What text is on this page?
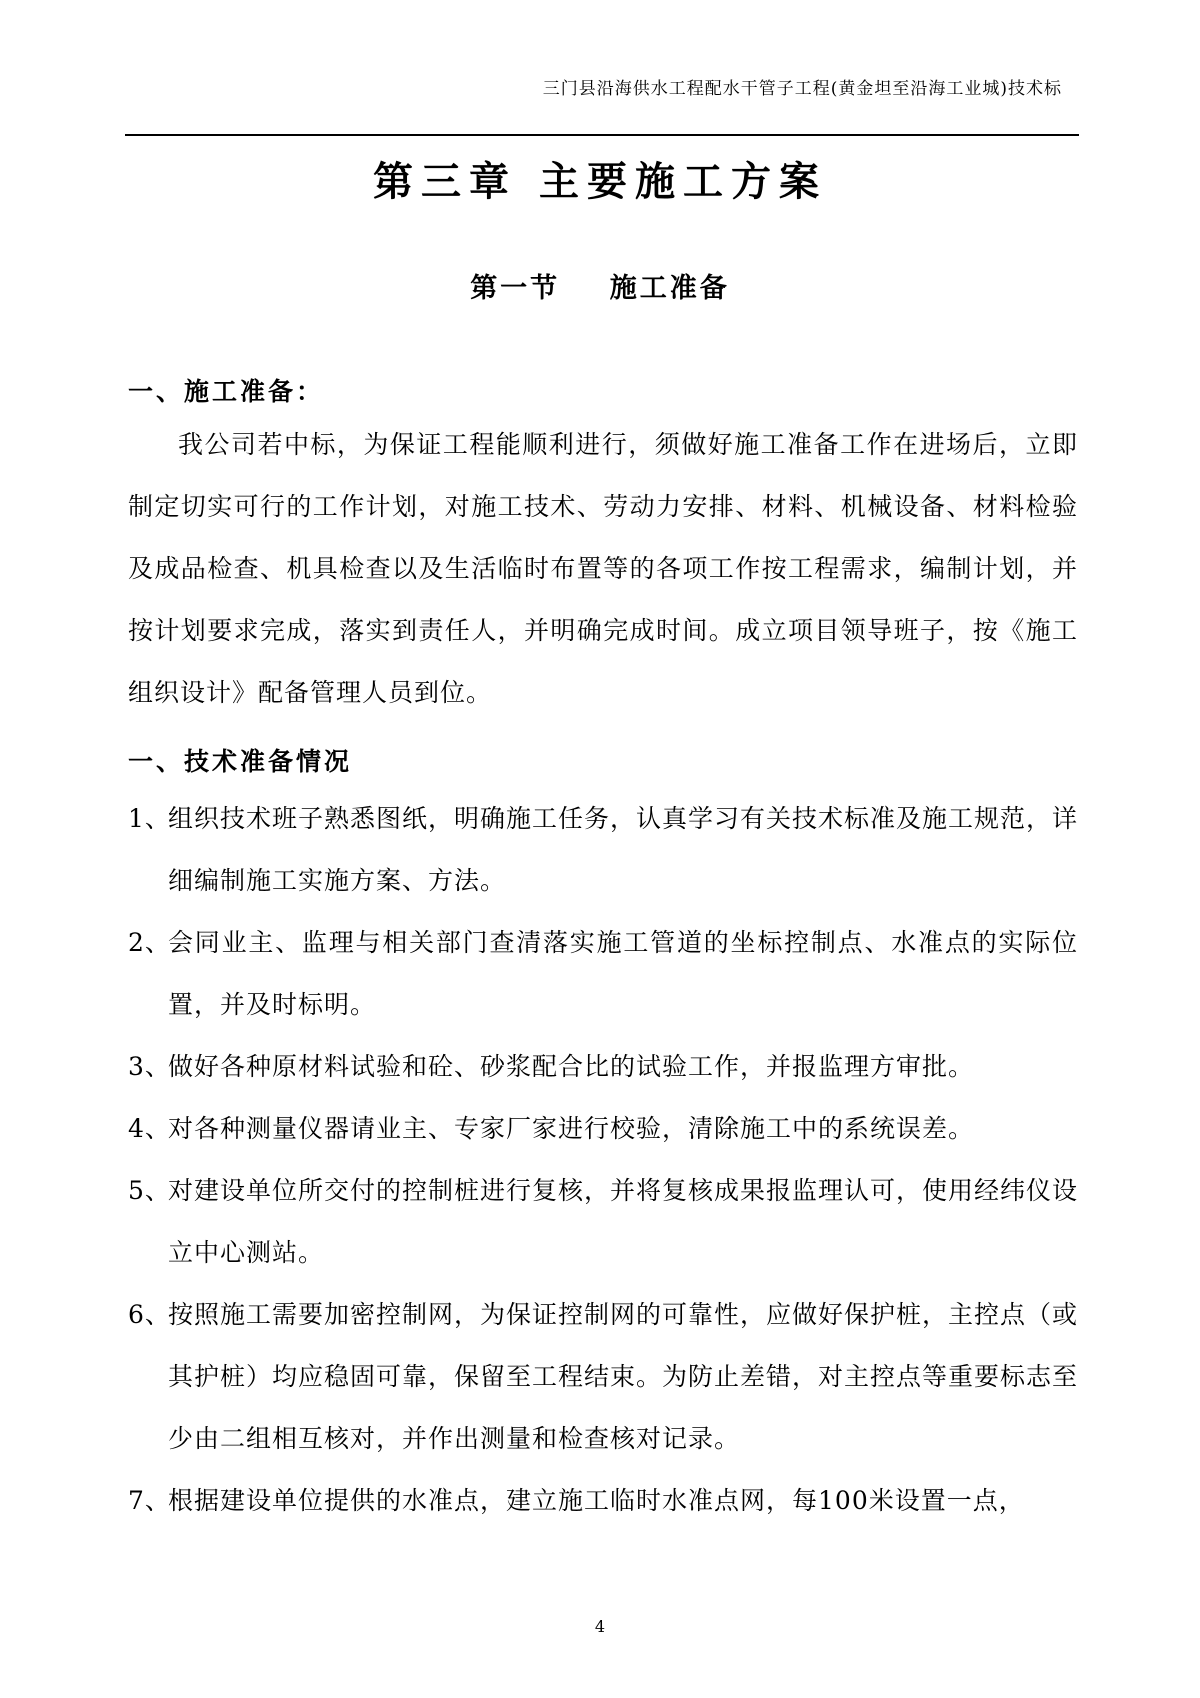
三门县沿海供水工程配水干管子工程(黄金坦至沿海工业城)技术标
第三章 主要施工方案
第一节    施工准备
一、施工准备：
我公司若中标，为保证工程能顺利进行，须做好施工准备工作在进场后，立即制定切实可行的工作计划，对施工技术、劳动力安排、材料、机械设备、材料检验及成品检查、机具检查以及生活临时布置等的各项工作按工程需求，编制计划，并按计划要求完成，落实到责任人，并明确完成时间。成立项目领导班子，按《施工组织设计》配备管理人员到位。
一、技术准备情况
1、
组织技术班子熟悉图纸，明确施工任务，认真学习有关技术标准及施工规范，详细编制施工实施方案、方法。
2、
会同业主、监理与相关部门查清落实施工管道的坐标控制点、水准点的实际位置，并及时标明。
3、
做好各种原材料试验和砼、砂浆配合比的试验工作，并报监理方审批。
4、
对各种测量仪器请业主、专家厂家进行校验，清除施工中的系统误差。
5、
对建设单位所交付的控制桩进行复核，并将复核成果报监理认可，使用经纬仪设立中心测站。
6、
按照施工需要加密控制网，为保证控制网的可靠性，应做好保护桩，主控点（或其护桩）均应稳固可靠，保留至工程结束。为防止差错，对主控点等重要标志至少由二组相互核对，并作出测量和检查核对记录。
7、
根据建设单位提供的水准点，建立施工临时水准点网，每100米设置一点，
4
